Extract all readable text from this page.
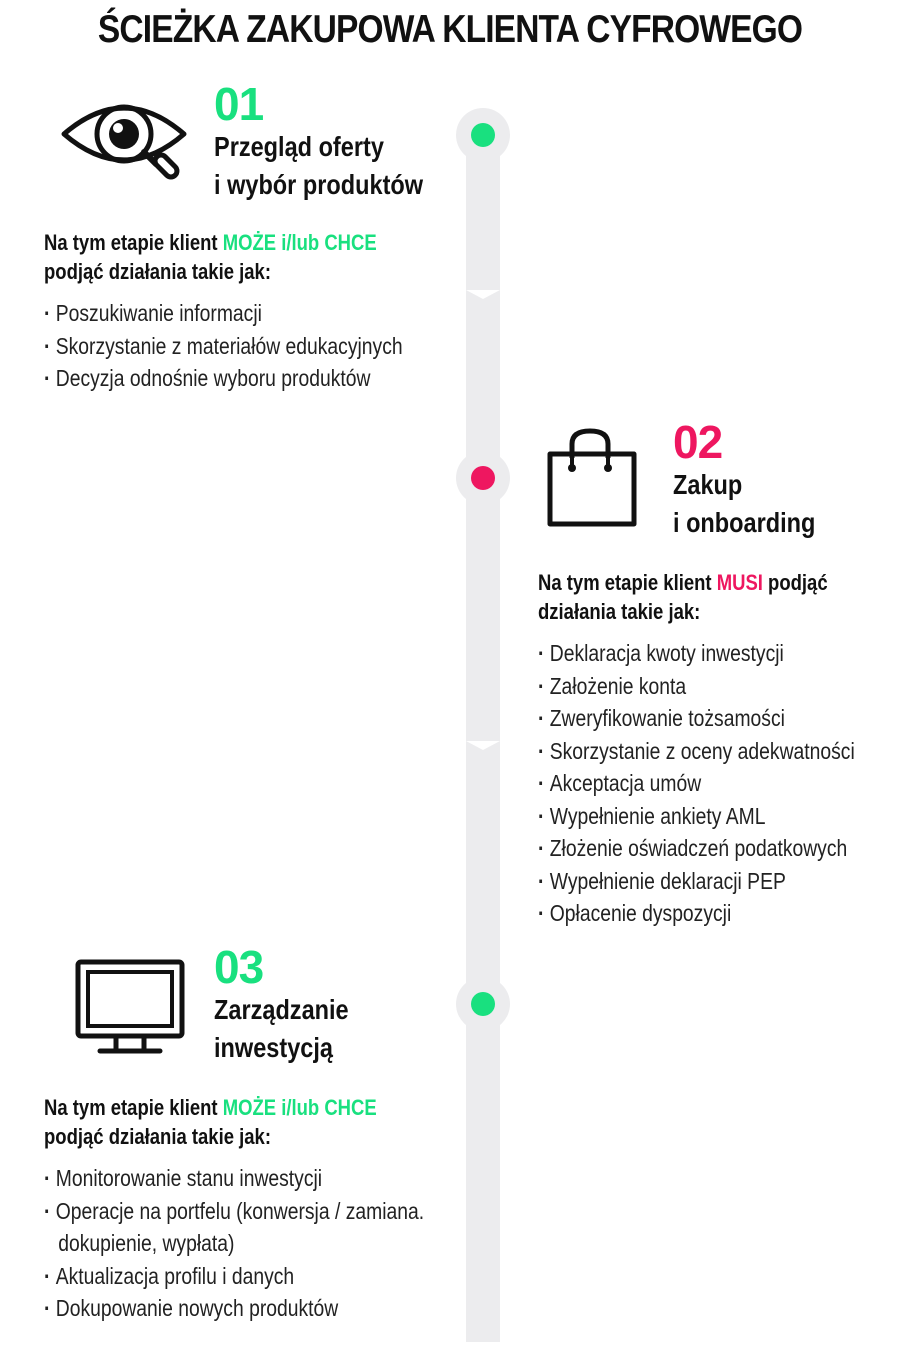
ŚCIEŻKA ZAKUPOWA KLIENTA CYFROWEGO
01
Przegląd oferty
i wybór produktów
Na tym etapie klient MOŻE i/lub CHCE
podjąć działania takie jak:
· Poszukiwanie informacji
· Skorzystanie z materiałów edukacyjnych
· Decyzja odnośnie wyboru produktów
02
Zakup
i onboarding
Na tym etapie klient MUSI podjąć
działania takie jak:
· Deklaracja kwoty inwestycji
· Założenie konta
· Zweryfikowanie tożsamości
· Skorzystanie z oceny adekwatności
· Akceptacja umów
· Wypełnienie ankiety AML
· Złożenie oświadczeń podatkowych
· Wypełnienie deklaracji PEP
· Opłacenie dyspozycji
03
Zarządzanie
inwestycją
Na tym etapie klient MOŻE i/lub CHCE
podjąć działania takie jak:
· Monitorowanie stanu inwestycji
· Operacje na portfelu (konwersja / zamiana.
dokupienie, wypłata)
· Aktualizacja profilu i danych
· Dokupowanie nowych produktów
